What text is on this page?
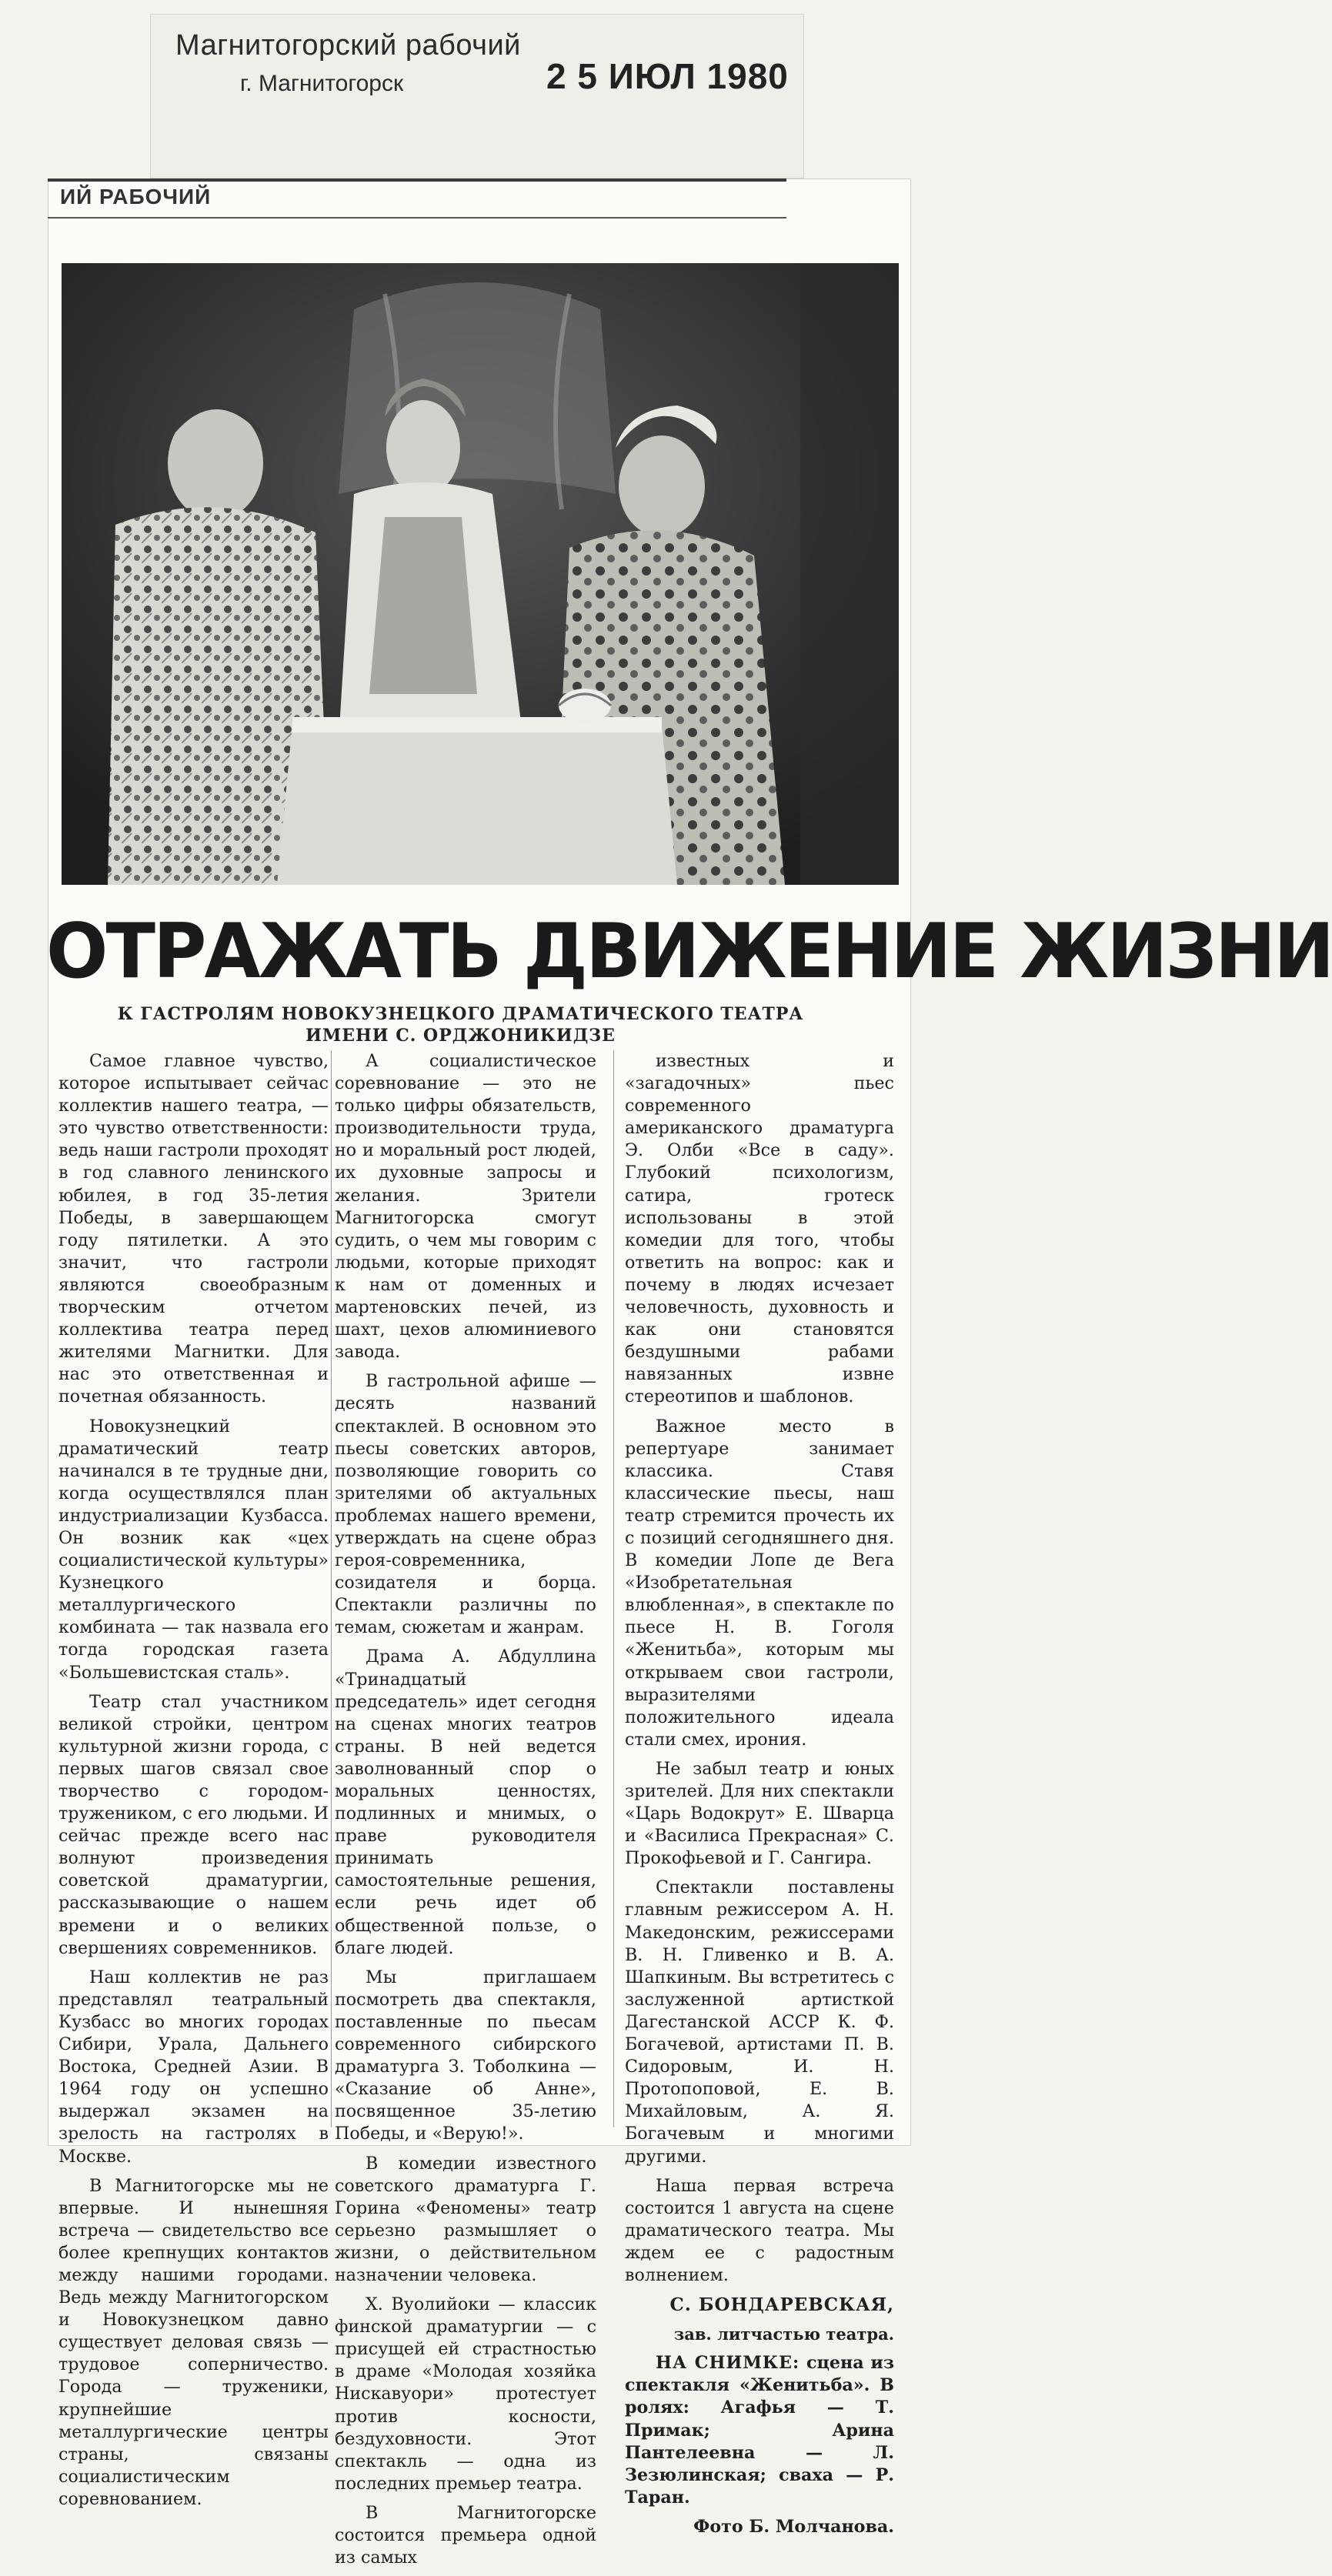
Магнитогорский рабочий
г. Магнитогорск	2 5 ИЮЛ 1980
ИЙ РАБОЧИЙ
ОТРАЖАТЬ ДВИЖЕНИЕ ЖИЗНИ
К ГАСТРОЛЯМ НОВОКУЗНЕЦКОГО ДРАМАТИЧЕСКОГО ТЕАТРА
ИМЕНИ С. ОРДЖОНИКИДЗЕ

Самое главное чувство, которое испытывает сейчас коллектив нашего театра, — это чувство ответственности: ведь наши гастроли проходят в год славного ленинского юбилея, в год 35-летия Победы, в завершающем году пятилетки. А это значит, что гастроли являются своеобразным творческим отчетом коллектива театра перед жителями Магнитки. Для нас это ответственная и почетная обязанность.

Новокузнецкий драматический театр начинался в те трудные дни, когда осуществлялся план индустриализации Кузбасса. Он возник как «цех социалистической культуры» Кузнецкого металлургического комбината — так назвала его тогда городская газета «Большевистская сталь».

Театр стал участником великой стройки, центром культурной жизни города, с первых шагов связал свое творчество с городом-тружеником, с его людьми. И сейчас прежде всего нас волнуют произведения советской драматургии, рассказывающие о нашем времени и о великих свершениях современников.

Наш коллектив не раз представлял театральный Кузбасс во многих городах Сибири, Урала, Дальнего Востока, Средней Азии. В 1964 году он успешно выдержал экзамен на зрелость на гастролях в Москве.

В Магнитогорске мы не впервые. И нынешняя встреча — свидетельство все более крепнущих контактов между нашими городами. Ведь между Магнитогорском и Новокузнецком давно существует деловая связь — трудовое соперничество. Города — труженики, крупнейшие металлургические центры страны, связаны социалистическим соревнованием.

А социалистическое соревнование — это не только цифры обязательств, производительности труда, но и моральный рост людей, их духовные запросы и желания. Зрители Магнитогорска смогут судить, о чем мы говорим с людьми, которые приходят к нам от доменных и мартеновских печей, из шахт, цехов алюминиевого завода.

В гастрольной афише — десять названий спектаклей. В основном это пьесы советских авторов, позволяющие говорить со зрителями об актуальных проблемах нашего времени, утверждать на сцене образ героя-современника, созидателя и борца. Спектакли различны по темам, сюжетам и жанрам.

Драма А. Абдуллина «Тринадцатый председатель» идет сегодня на сценах многих театров страны. В ней ведется заволнованный спор о моральных ценностях, подлинных и мнимых, о праве руководителя принимать самостоятельные решения, если речь идет об общественной пользе, о благе людей.

Мы приглашаем посмотреть два спектакля, поставленные по пьесам современного сибирского драматурга З. Тоболкина — «Сказание об Анне», посвященное 35-летию Победы, и «Верую!».

В комедии известного советского драматурга Г. Горина «Феномены» театр серьезно размышляет о жизни, о действительном назначении человека.

Х. Вуолийоки — классик финской драматургии — с присущей ей страстностью в драме «Молодая хозяйка Нискавуори» протестует против косности, бездуховности. Этот спектакль — одна из последних премьер театра.

В Магнитогорске состоится премьера одной из самых

известных и «загадочных» пьес современного американского драматурга Э. Олби «Все в саду». Глубокий психологизм, сатира, гротеск использованы в этой комедии для того, чтобы ответить на вопрос: как и почему в людях исчезает человечность, духовность и как они становятся бездушными рабами навязанных извне стереотипов и шаблонов.

Важное место в репертуаре занимает классика. Ставя классические пьесы, наш театр стремится прочесть их с позиций сегодняшнего дня. В комедии Лопе де Вега «Изобретательная влюбленная», в спектакле по пьесе Н. В. Гоголя «Женитьба», которым мы открываем свои гастроли, выразителями положительного идеала стали смех, ирония.

Не забыл театр и юных зрителей. Для них спектакли «Царь Водокрут» Е. Шварца и «Василиса Прекрасная» С. Прокофьевой и Г. Сангира.

Спектакли поставлены главным режиссером А. Н. Македонским, режиссерами В. Н. Гливенко и В. А. Шапкиным. Вы встретитесь с заслуженной артисткой Дагестанской АССР К. Ф. Богачевой, артистами П. В. Сидоровым, И. Н. Протопоповой, Е. В. Михайловым, А. Я. Богачевым и многими другими.

Наша первая встреча состоится 1 августа на сцене драматического театра. Мы ждем ее с радостным волнением.

С. БОНДАРЕВСКАЯ,

зав. литчастью театра.

НА СНИМКЕ: сцена из спектакля «Женитьба». В ролях: Агафья — Т. Примак; Арина Пантелеевна — Л. Зезюлинская; сваха — Р. Таран.

Фото Б. Молчанова.
